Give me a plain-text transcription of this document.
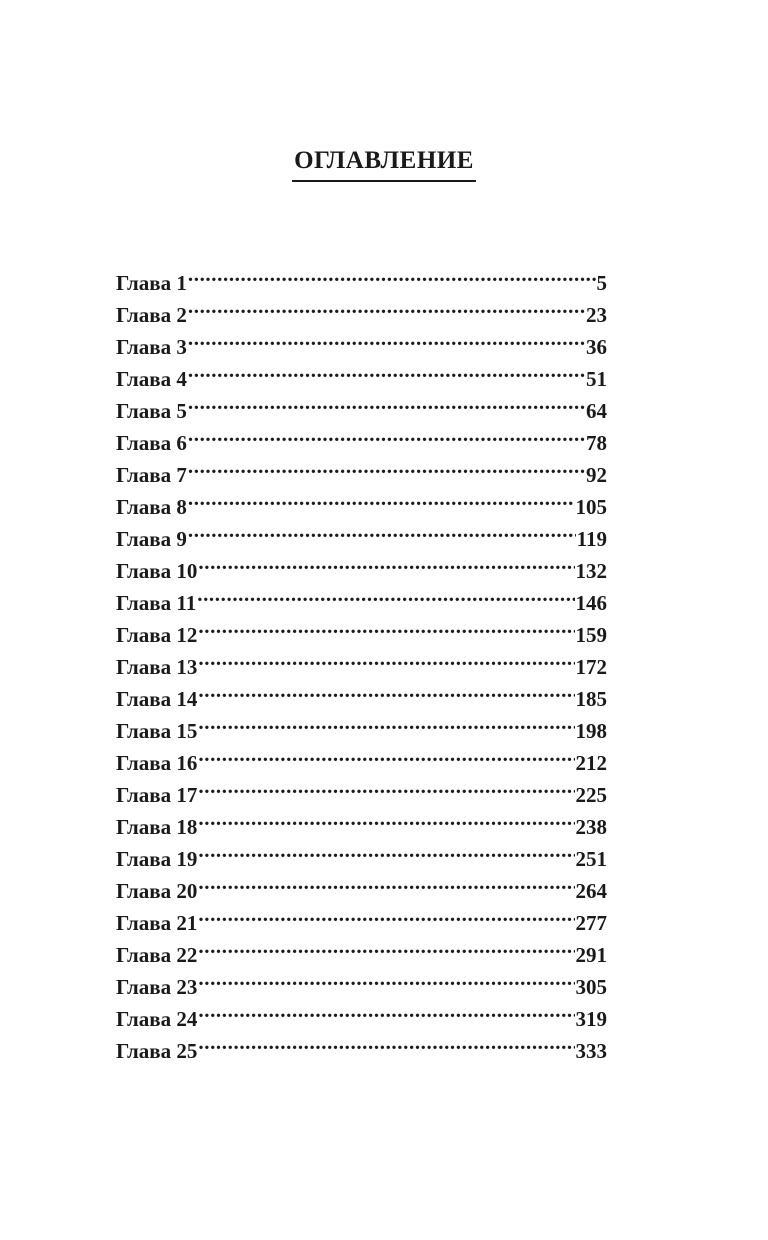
ОГЛАВЛЕНИЕ
Глава 1 .....	5
Глава 2 .....	23
Глава 3 .....	36
Глава 4 .....	51
Глава 5 .....	64
Глава 6 .....	78
Глава 7 .....	92
Глава 8 .....	105
Глава 9 .....	119
Глава 10 .....	132
Глава 11 .....	146
Глава 12 .....	159
Глава 13 .....	172
Глава 14 .....	185
Глава 15 .....	198
Глава 16 .....	212
Глава 17 .....	225
Глава 18 .....	238
Глава 19 .....	251
Глава 20 .....	264
Глава 21 .....	277
Глава 22 .....	291
Глава 23 .....	305
Глава 24 .....	319
Глава 25 .....	333
